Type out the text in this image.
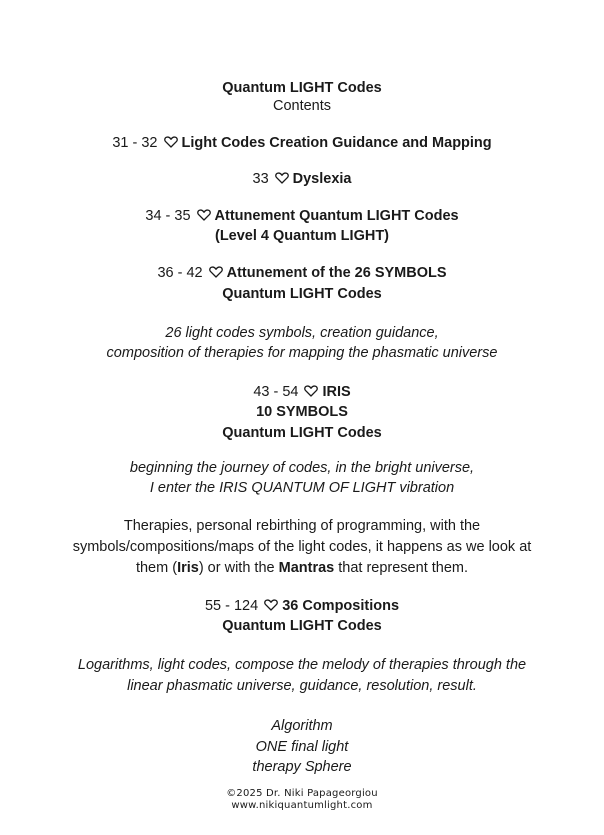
Quantum LIGHT Codes
Contents
31 - 32 Light Codes Creation Guidance and Mapping
33 Dyslexia
34 - 35 Attunement Quantum LIGHT Codes
(Level 4 Quantum LIGHT)
36 - 42 Attunement of the 26 SYMBOLS
Quantum LIGHT Codes
26 light codes symbols, creation guidance,
composition of therapies for mapping the phasmatic universe
43 - 54 IRIS
10 SYMBOLS
Quantum LIGHT Codes
beginning the journey of codes, in the bright universe,
I enter the IRIS QUANTUM OF LIGHT vibration
Therapies, personal rebirthing of programming, with the
symbols/compositions/maps of the light codes, it happens as we look at
them (Iris) or with the Mantras that represent them.
55 - 124 36 Compositions
Quantum LIGHT Codes
Logarithms, light codes, compose the melody of therapies through the
linear phasmatic universe, guidance, resolution, result.
Algorithm
ONE final light
therapy Sphere
©2025 Dr. Niki Papageorgiou
www.nikiquantumlight.com
